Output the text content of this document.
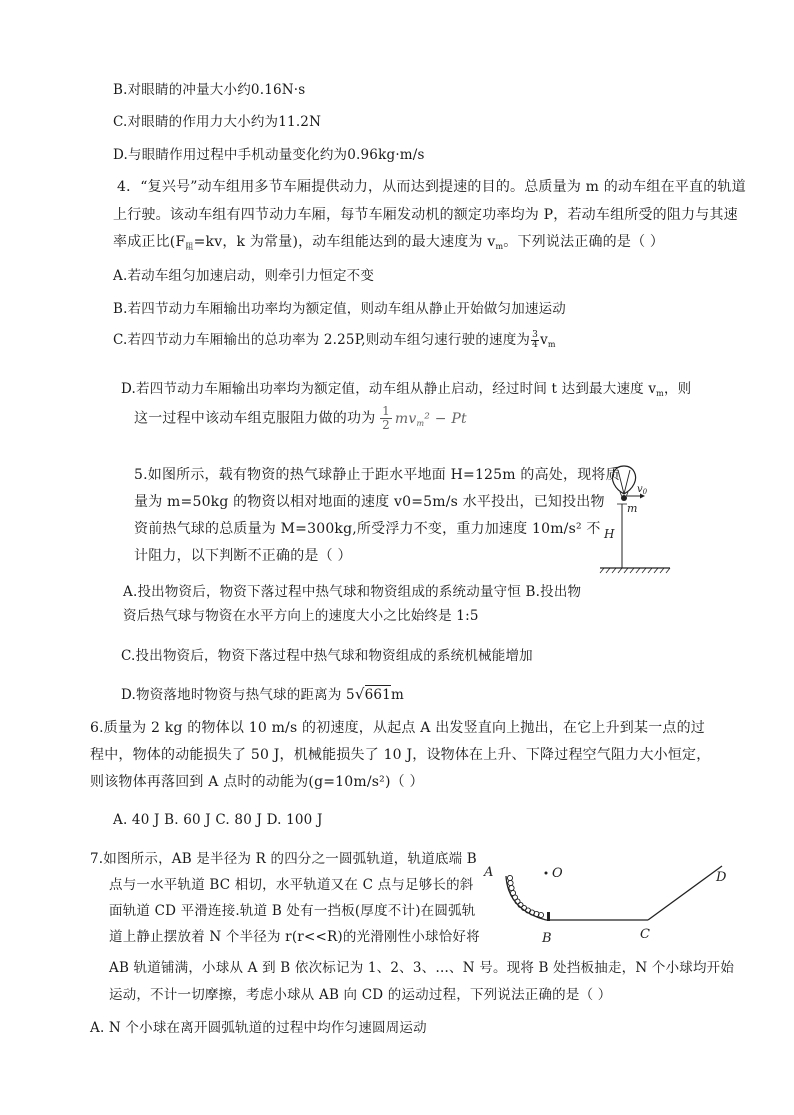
B.对眼睛的冲量大小约0.16N·s
C.对眼睛的作用力大小约为11.2N
D.与眼睛作用过程中手机动量变化约为0.96kg·m/s
4．“复兴号”动车组用多节车厢提供动力，从而达到提速的目的。总质量为 m 的动车组在平直的轨道
上行驶。该动车组有四节动力车厢，每节车厢发动机的额定功率均为 P，若动车组所受的阻力与其速
率成正比($F_阻=kv$，k 为常量)，动车组能达到的最大速度为 $v_m$。下列说法正确的是（ ）
A.若动车组匀加速启动，则牵引力恒定不变
B.若四节动力车厢输出功率均为额定值，则动车组从静止开始做匀加速运动
C.若四节动力车厢输出的总功率为 2.25P,则动车组匀速行驶的速度为 $\frac{3}{4} v_m$
D.若四节动力车厢输出功率均为额定值，动车组从静止启动，经过时间 t 达到最大速度 $v_m$，则
这一过程中该动车组克服阻力做的功为 $\frac{1}{2} mv_m^2 - Pt$
5.如图所示，载有物资的热气球静止于距水平地面 H=125m 的高处，现将质
量为 m=50kg 的物资以相对地面的速度 v0=5m/s 水平投出，已知投出物
资前热气球的总质量为 M=300kg,所受浮力不变，重力加速度 10m/s² 不
计阻力，以下判断不正确的是（ ）
$v_0$
m
H
A.投出物资后，物资下落过程中热气球和物资组成的系统动量守恒 B.投出物
资后热气球与物资在水平方向上的速度大小之比始终是 1:5
C.投出物资后，物资下落过程中热气球和物资组成的系统机械能增加
D.物资落地时物资与热气球的距离为 5√661m
6.质量为 2 kg 的物体以 10 m/s 的初速度，从起点 A 出发竖直向上抛出，在它上升到某一点的过
程中，物体的动能损失了 50 J，机械能损失了 10 J，设物体在上升、下降过程空气阻力大小恒定，
则该物体再落回到 A 点时的动能为(g=10m/s²)（ ）
A. 40 J B. 60 J C. 80 J D. 100 J
7.如图所示，AB 是半径为 R 的四分之一圆弧轨道，轨道底端 B
点与一水平轨道 BC 相切，水平轨道又在 C 点与足够长的斜
面轨道 CD 平滑连接.轨道 B 处有一挡板(厚度不计)在圆弧轨
道上静止摆放着 N 个半径为 r(r<<R)的光滑刚性小球恰好将
AB 轨道铺满，小球从 A 到 B 依次标记为 1、2、3、…、N 号。现将 B 处挡板抽走，N 个小球均开始
运动，不计一切摩擦，考虑小球从 AB 向 CD 的运动过程，下列说法正确的是（ ）
A. N 个小球在离开圆弧轨道的过程中均作匀速圆周运动
A	O
B	C
D
